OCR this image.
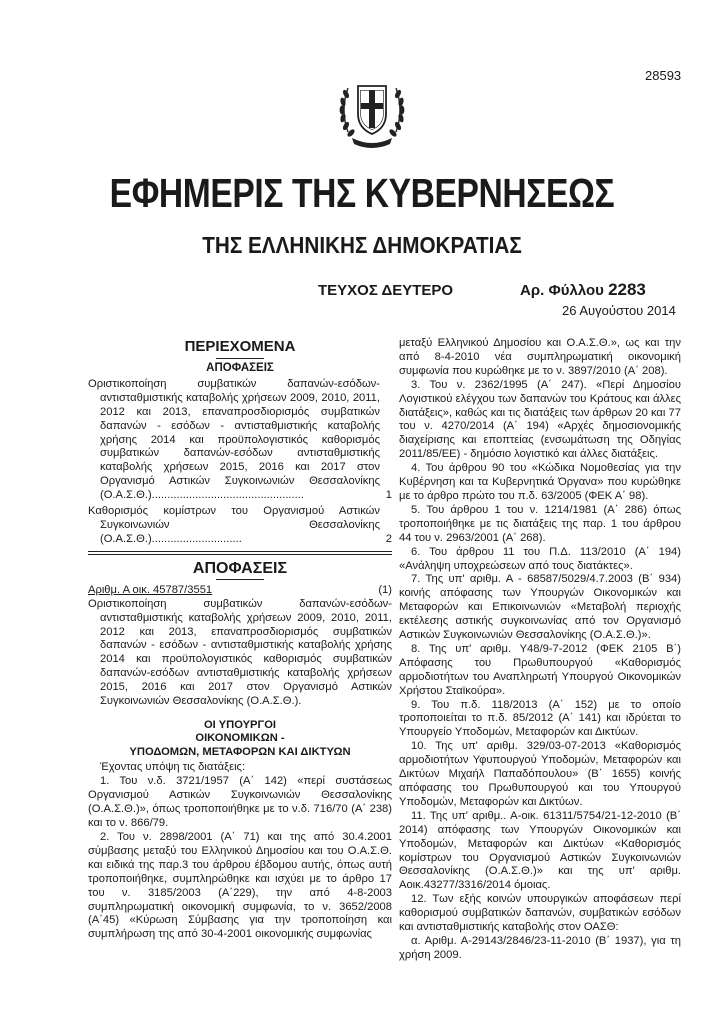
28593
ΕΦΗΜΕΡΙΣ ΤΗΣ ΚΥΒΕΡΝΗΣΕΩΣ
ΤΗΣ ΕΛΛΗΝΙΚΗΣ ΔΗΜΟΚΡΑΤΙΑΣ
ΤΕΥΧΟΣ ΔΕΥΤΕΡΟ	Αρ. Φύλλου 2283
26 Αυγούστου 2014
ΠΕΡΙΕΧΟΜΕΝΑ
ΑΠΟΦΑΣΕΙΣ
Οριστικοποίηση συμβατικών δαπανών-εσόδων-αντισταθμιστικής καταβολής χρήσεων 2009, 2010, 2011, 2012 και 2013, επαναπροσδιορισμός συμβατικών δαπανών - εσόδων - αντισταθμιστικής καταβολής χρήσης 2014 και προϋπολογιστικός καθορισμός συμβατικών δαπανών-εσόδων αντισταθμιστικής καταβολής χρήσεων 2015, 2016 και 2017 στον Οργανισμό Αστικών Συγκοινωνιών Θεσσαλονίκης (Ο.Α.Σ.Θ.).................................................	1
Καθορισμός κομίστρων του Οργανισμού Αστικών Συγκοινωνιών Θεσσαλονίκης (Ο.Α.Σ.Θ.).............................	2
ΑΠΟΦΑΣΕΙΣ
Αριθμ. Α οικ. 45787/3551	(1)

Οριστικοποίηση συμβατικών δαπανών-εσόδων-αντισταθμιστικής καταβολής χρήσεων 2009, 2010, 2011, 2012 και 2013, επαναπροσδιορισμός συμβατικών δαπανών - εσόδων - αντισταθμιστικής καταβολής χρήσης 2014 και προϋπολογιστικός καθορισμός συμβατικών δαπανών-εσόδων αντισταθμιστικής καταβολής χρήσεων 2015, 2016 και 2017 στον Οργανισμό Αστικών Συγκοινωνιών Θεσσαλονίκης (Ο.Α.Σ.Θ.).

ΟΙ ΥΠΟΥΡΓΟΙ
ΟΙΚΟΝΟΜΙΚΩΝ -
ΥΠΟΔΟΜΩΝ, ΜΕΤΑΦΟΡΩΝ ΚΑΙ ΔΙΚΤΥΩΝ

Έχοντας υπόψη τις διατάξεις:

1. Του ν.δ. 3721/1957 (Α΄ 142) «περί συστάσεως Οργανισμού Αστικών Συγκοινωνιών Θεσσαλονίκης (Ο.Α.Σ.Θ.)», όπως τροποποιήθηκε με το ν.δ. 716/70 (Α΄ 238) και το ν. 866/79.

2. Του ν. 2898/2001 (Α΄ 71) και της από 30.4.2001 σύμβασης μεταξύ του Ελληνικού Δημοσίου και του Ο.Α.Σ.Θ. και ειδικά της παρ.3 του άρθρου έβδομου αυτής, όπως αυτή τροποποιήθηκε, συμπληρώθηκε και ισχύει με το άρθρο 17 του ν. 3185/2003 (Α΄229), την από 4-8-2003 συμπληρωματική οικονομική συμφωνία, το ν. 3652/2008 (Α΄45) «Κύρωση Σύμβασης για την τροποποίηση και συμπλήρωση της από 30-4-2001 οικονομικής συμφωνίας

μεταξύ Ελληνικού Δημοσίου και Ο.Α.Σ.Θ.», ως και την από 8-4-2010 νέα συμπληρωματική οικονομική συμφωνία που κυρώθηκε με το ν. 3897/2010 (Α΄ 208).

3. Του ν. 2362/1995 (Α΄ 247). «Περί Δημοσίου Λογιστικού ελέγχου των δαπανών του Κράτους και άλλες διατάξεις», καθώς και τις διατάξεις των άρθρων 20 και 77 του ν. 4270/2014 (Α΄ 194) «Αρχές δημοσιονομικής διαχείρισης και εποπτείας (ενσωμάτωση της Οδηγίας 2011/85/ΕΕ) - δημόσιο λογιστικό και άλλες διατάξεις.

4. Του άρθρου 90 του «Κώδικα Νομοθεσίας για την Κυβέρνηση και τα Κυβερνητικά Όργανα» που κυρώθηκε με το άρθρο πρώτο του π.δ. 63/2005 (ΦΕΚ Α΄ 98).

5. Του άρθρου 1 του ν. 1214/1981 (Α΄ 286) όπως τροποποιήθηκε με τις διατάξεις της παρ. 1 του άρθρου 44 του ν. 2963/2001 (Α΄ 268).

6. Του άρθρου 11 του Π.Δ. 113/2010 (Α΄ 194) «Ανάληψη υποχρεώσεων από τους διατάκτες».

7. Της υπ' αριθμ. Α - 68587/5029/4.7.2003 (Β΄ 934) κοινής απόφασης των Υπουργών Οικονομικών και Μεταφορών και Επικοινωνιών «Μεταβολή περιοχής εκτέλεσης αστικής συγκοινωνίας από τον Οργανισμό Αστικών Συγκοινωνιών Θεσσαλονίκης (Ο.Α.Σ.Θ.)».

8. Της υπ' αριθμ. Υ48/9-7-2012 (ΦΕΚ 2105 Β΄) Απόφασης του Πρωθυπουργού «Καθορισμός αρμοδιοτήτων του Αναπληρωτή Υπουργού Οικονομικών Χρήστου Σταϊκούρα».

9. Του π.δ. 118/2013 (Α΄ 152) με το οποίο τροποποιείται το π.δ. 85/2012 (Α΄ 141) και ιδρύεται το Υπουργείο Υποδομών, Μεταφορών και Δικτύων.

10. Της υπ' αριθμ. 329/03-07-2013 «Καθορισμός αρμοδιοτήτων Υφυπουργού Υποδομών, Μεταφορών και Δικτύων Μιχαήλ Παπαδόπουλου» (Β΄ 1655) κοινής απόφασης του Πρωθυπουργού και του Υπουργού Υποδομών, Μεταφορών και Δικτύων.

11. Της υπ' αριθμ.. Α-οικ. 61311/5754/21-12-2010 (Β΄ 2014) απόφασης των Υπουργών Οικονομικών και Υποδομών, Μεταφορών και Δικτύων «Καθορισμός κομίστρων του Οργανισμού Αστικών Συγκοινωνιών Θεσσαλονίκης (Ο.Α.Σ.Θ.)» και της υπ' αριθμ. Αοικ.43277/3316/2014 όμοιας.

12. Των εξής κοινών υπουργικών αποφάσεων περί καθορισμού συμβατικών δαπανών, συμβατικών εσόδων και αντισταθμιστικής καταβολής στον ΟΑΣΘ:

α. Αριθμ. Α-29143/2846/23-11-2010 (Β΄ 1937), για τη χρήση 2009.
